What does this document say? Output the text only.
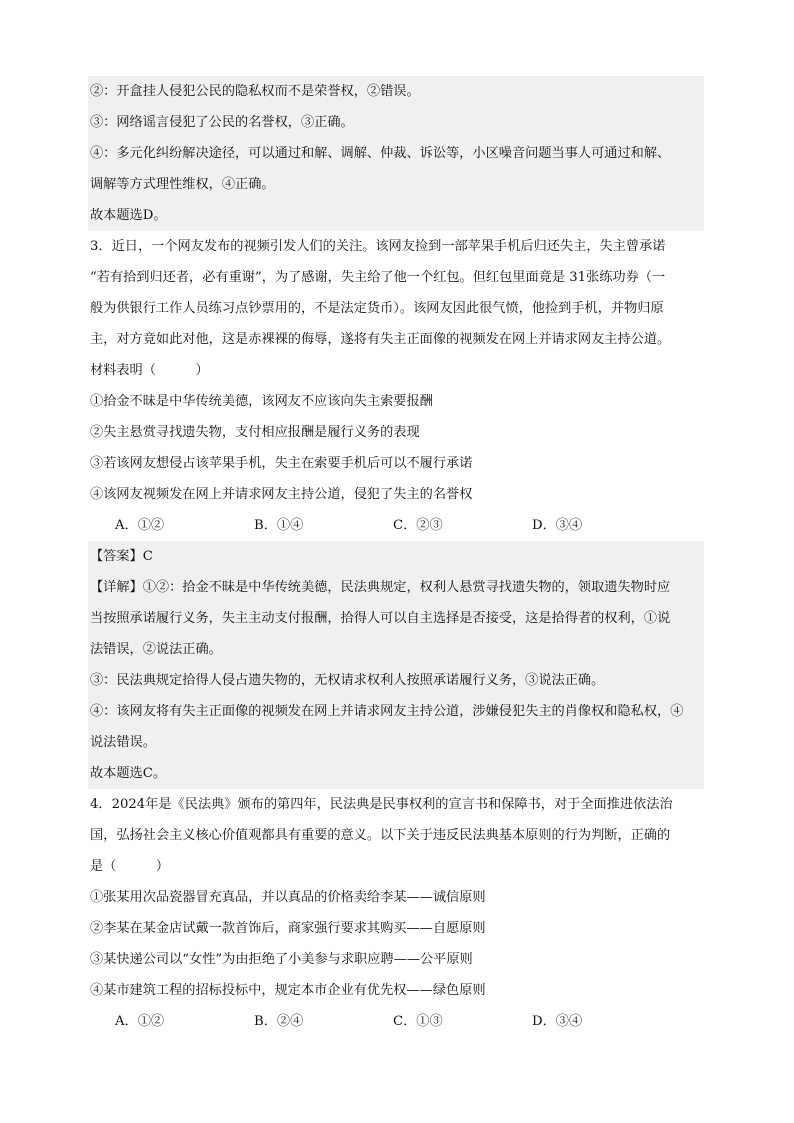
②：开盒挂人侵犯公民的隐私权而不是荣誉权，②错误。
③：网络谣言侵犯了公民的名誉权，③正确。
④：多元化纠纷解决途径，可以通过和解、调解、仲裁、诉讼等，小区噪音问题当事人可通过和解、
调解等方式理性维权，④正确。
故本题选D。
3．近日，一个网友发布的视频引发人们的关注。该网友捡到一部苹果手机后归还失主，失主曾承诺
“若有拾到归还者，必有重谢”，为了感谢，失主给了他一个红包。但红包里面竟是 31张练功券（一
般为供银行工作人员练习点钞票用的，不是法定货币）。该网友因此很气愤，他捡到手机，并物归原
主，对方竟如此对他，这是赤裸裸的侮辱，遂将有失主正面像的视频发在网上并请求网友主持公道。
材料表明（　　　）
①拾金不昧是中华传统美德，该网友不应该向失主索要报酬
②失主悬赏寻找遗失物，支付相应报酬是履行义务的表现
③若该网友想侵占该苹果手机，失主在索要手机后可以不履行承诺
④该网友视频发在网上并请求网友主持公道，侵犯了失主的名誉权
A．①②	B．①④	C．②③	D．③④
【答案】C
【详解】①②：拾金不昧是中华传统美德，民法典规定，权利人悬赏寻找遗失物的，领取遗失物时应
当按照承诺履行义务，失主主动支付报酬，拾得人可以自主选择是否接受，这是拾得者的权利，①说
法错误，②说法正确。
③：民法典规定拾得人侵占遗失物的，无权请求权利人按照承诺履行义务，③说法正确。
④：该网友将有失主正面像的视频发在网上并请求网友主持公道，涉嫌侵犯失主的肖像权和隐私权，④
说法错误。
故本题选C。
4．2024年是《民法典》颁布的第四年，民法典是民事权利的宣言书和保障书，对于全面推进依法治
国，弘扬社会主义核心价值观都具有重要的意义。以下关于违反民法典基本原则的行为判断，正确的
是（　　　）
①张某用次品瓷器冒充真品，并以真品的价格卖给李某——诚信原则
②李某在某金店试戴一款首饰后，商家强行要求其购买——自愿原则
③某快递公司以“女性”为由拒绝了小美参与求职应聘——公平原则
④某市建筑工程的招标投标中，规定本市企业有优先权——绿色原则
A．①②	B．②④	C．①③	D．③④
